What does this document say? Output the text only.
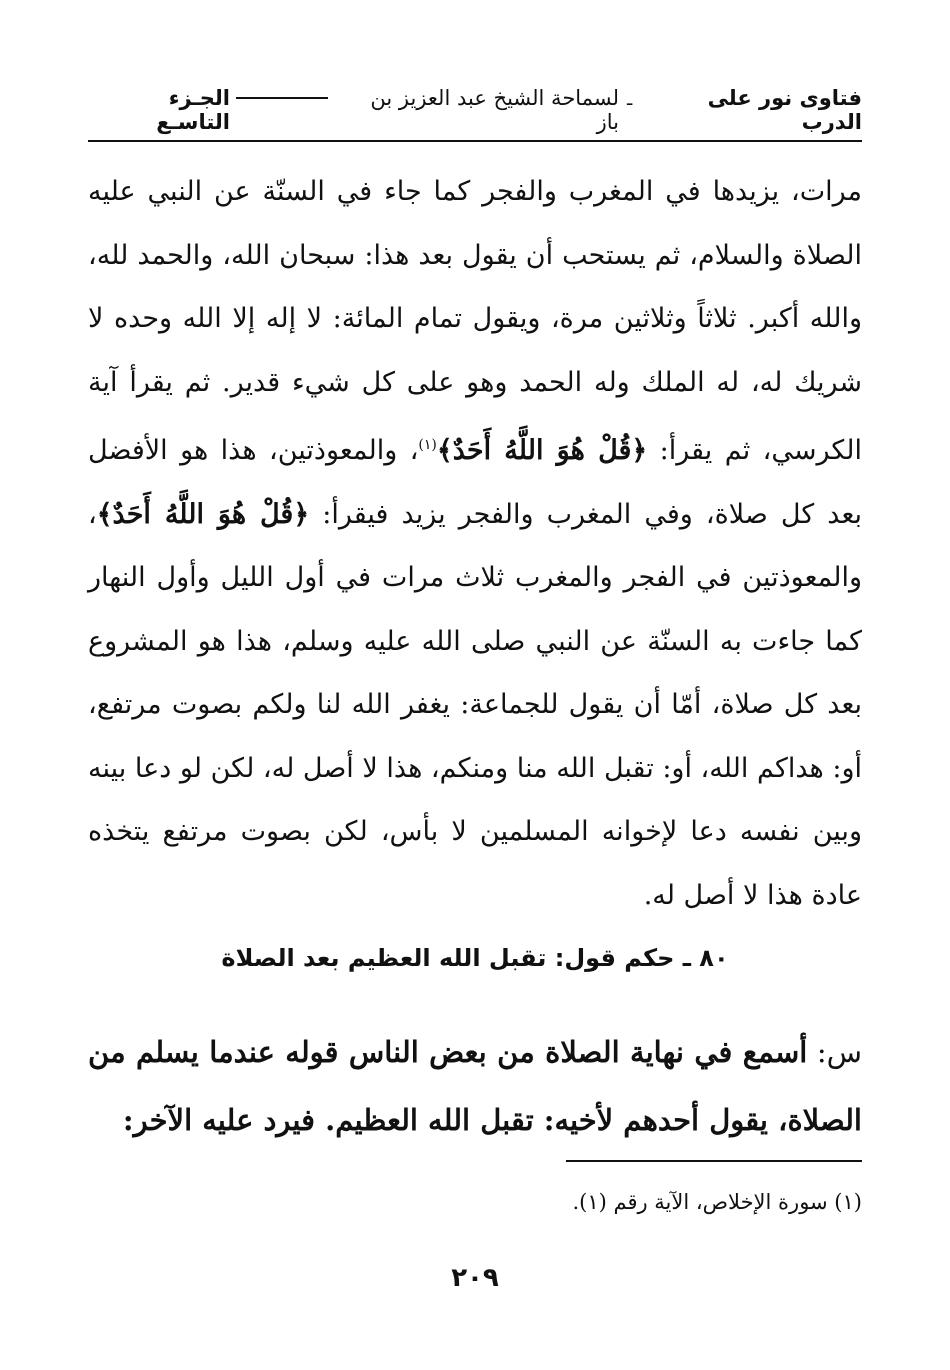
فتاوى نور على الدرب
ـ
لسماحة الشيخ عبد العزيز بن باز
الجـزء التاسـع

مرات، يزيدها في المغرب والفجر كما جاء في السنّة عن النبي عليه
الصلاة والسلام، ثم يستحب أن يقول بعد هذا: سبحان الله، والحمد لله،
والله أكبر. ثلاثاً وثلاثين مرة، ويقول تمام المائة: لا إله إلا الله وحده لا
شريك له، له الملك وله الحمد وهو على كل شيء قدير. ثم يقرأ آية
الكرسي، ثم يقرأ: ﴿قُلْ هُوَ اللَّهُ أَحَدٌ﴾$^{(١)}$، والمعوذتين، هذا هو الأفضل
بعد كل صلاة، وفي المغرب والفجر يزيد فيقرأ: ﴿قُلْ هُوَ اللَّهُ أَحَدٌ﴾،
والمعوذتين في الفجر والمغرب ثلاث مرات في أول الليل وأول النهار
كما جاءت به السنّة عن النبي صلى الله عليه وسلم، هذا هو المشروع
بعد كل صلاة، أمّا أن يقول للجماعة: يغفر الله لنا ولكم بصوت مرتفع،
أو: هداكم الله، أو: تقبل الله منا ومنكم، هذا لا أصل له، لكن لو دعا بينه
وبين نفسه دعا لإخوانه المسلمين لا بأس، لكن بصوت مرتفع يتخذه
عادة هذا لا أصل له.

٨٠ ـ حكم قول: تقبل الله العظيم بعد الصلاة
س: أسمع في نهاية الصلاة من بعض الناس قوله عندما يسلم من
الصلاة، يقول أحدهم لأخيه: تقبل الله العظيم. فيرد عليه الآخر:
(١) سورة الإخلاص، الآية رقم (١).
٢٠٩
